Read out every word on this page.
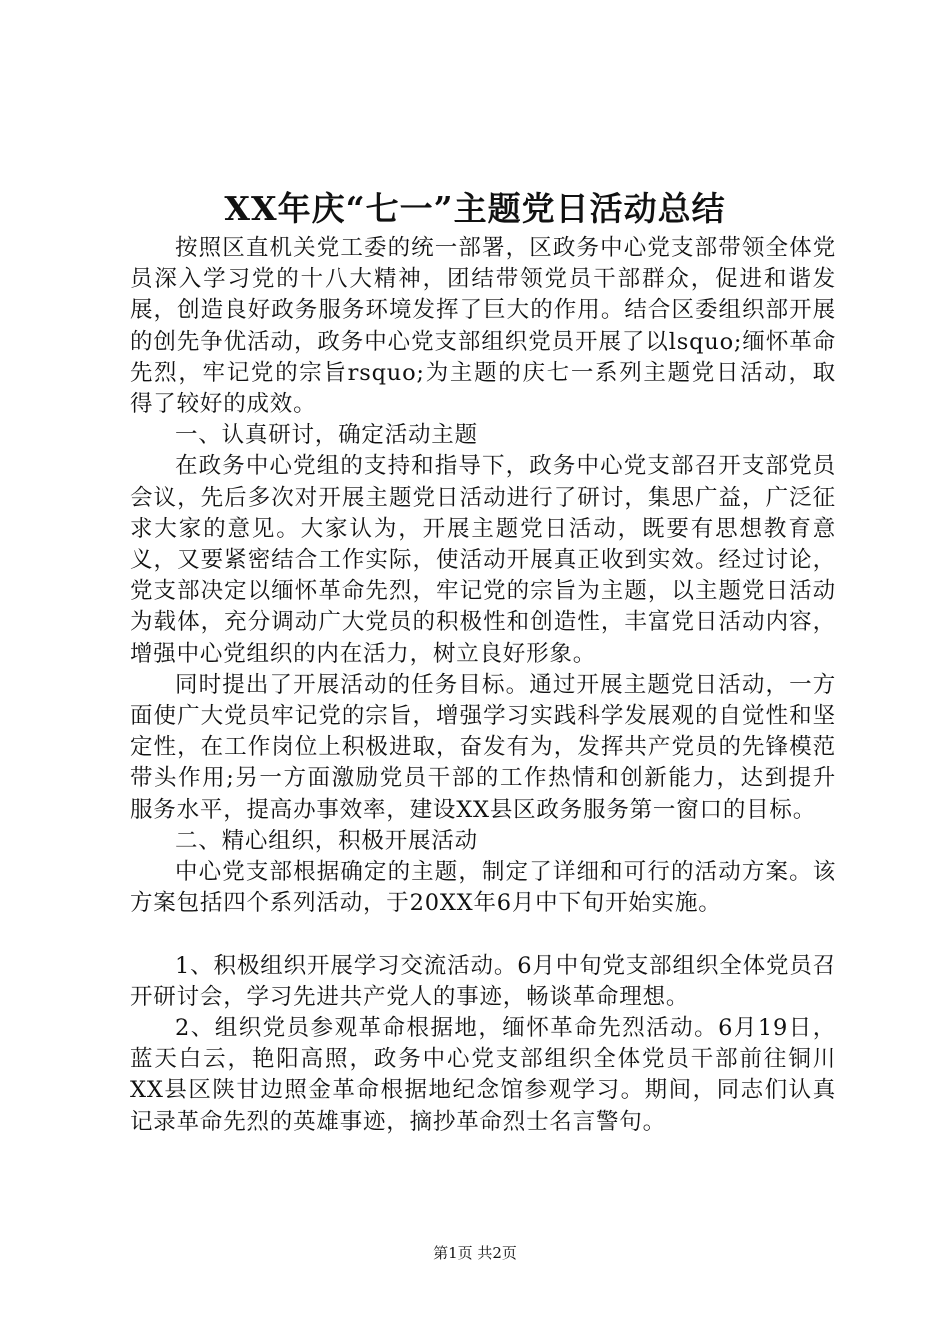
XX年庆“七一”主题党日活动总结

按照区直机关党工委的统一部署，区政务中心党支部带领全体党员深入学习党的十八大精神，团结带领党员干部群众，促进和谐发展，创造良好政务服务环境发挥了巨大的作用。结合区委组织部开展的创先争优活动，政务中心党支部组织党员开展了以lsquo;缅怀革命先烈，牢记党的宗旨rsquo;为主题的庆七一系列主题党日活动，取得了较好的成效。

一、认真研讨，确定活动主题

在政务中心党组的支持和指导下，政务中心党支部召开支部党员会议，先后多次对开展主题党日活动进行了研讨，集思广益，广泛征求大家的意见。大家认为，开展主题党日活动，既要有思想教育意义，又要紧密结合工作实际，使活动开展真正收到实效。经过讨论，党支部决定以缅怀革命先烈，牢记党的宗旨为主题，以主题党日活动为载体，充分调动广大党员的积极性和创造性，丰富党日活动内容，增强中心党组织的内在活力，树立良好形象。

同时提出了开展活动的任务目标。通过开展主题党日活动，一方面使广大党员牢记党的宗旨，增强学习实践科学发展观的自觉性和坚定性，在工作岗位上积极进取，奋发有为，发挥共产党员的先锋模范带头作用;另一方面激励党员干部的工作热情和创新能力，达到提升服务水平，提高办事效率，建设XX县区政务服务第一窗口的目标。

二、精心组织，积极开展活动

中心党支部根据确定的主题，制定了详细和可行的活动方案。该方案包括四个系列活动，于20XX年6月中下旬开始实施。

1、积极组织开展学习交流活动。6月中旬党支部组织全体党员召开研讨会，学习先进共产党人的事迹，畅谈革命理想。

2、组织党员参观革命根据地，缅怀革命先烈活动。6月19日，蓝天白云，艳阳高照，政务中心党支部组织全体党员干部前往铜川XX县区陕甘边照金革命根据地纪念馆参观学习。期间，同志们认真记录革命先烈的英雄事迹，摘抄革命烈士名言警句。

第1页 共2页
